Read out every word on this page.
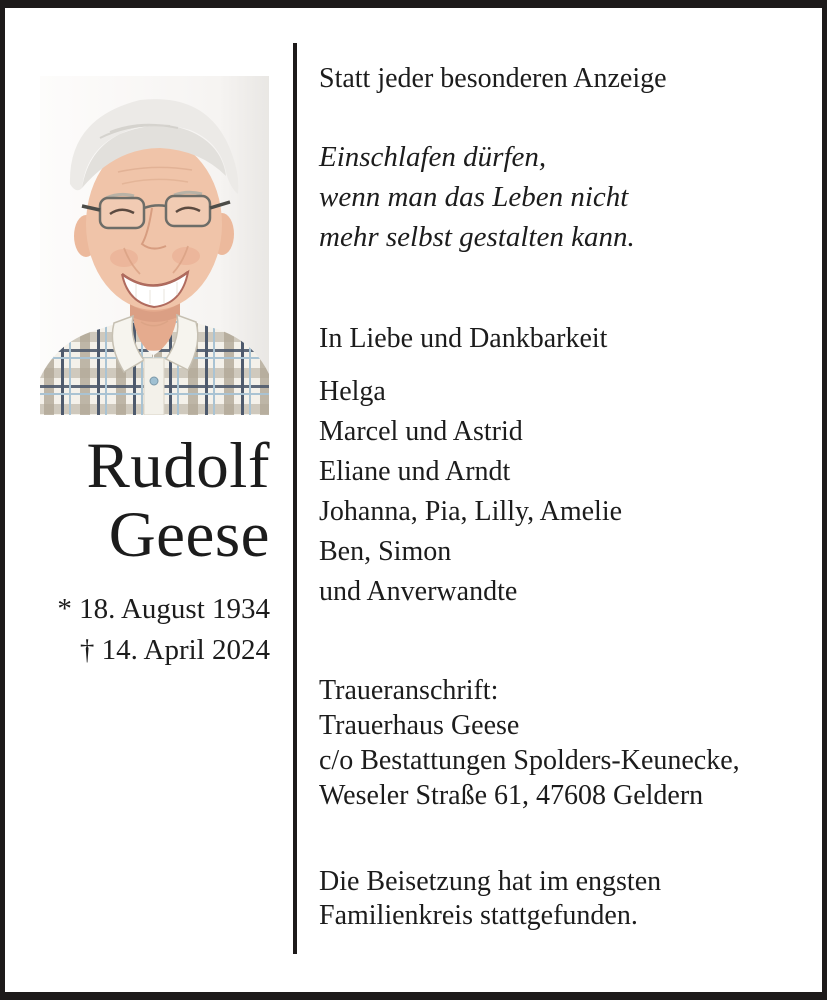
Rudolf
Geese
* 18. August 1934
† 14. April 2024
Statt jeder besonderen Anzeige
Einschlafen dürfen,
wenn man das Leben nicht
mehr selbst gestalten kann.
In Liebe und Dankbarkeit
Helga
Marcel und Astrid
Eliane und Arndt
Johanna, Pia, Lilly, Amelie
Ben, Simon
und Anverwandte
Traueranschrift:
Trauerhaus Geese
c/o Bestattungen Spolders-Keunecke,
Weseler Straße 61, 47608 Geldern
Die Beisetzung hat im engsten
Familienkreis stattgefunden.
